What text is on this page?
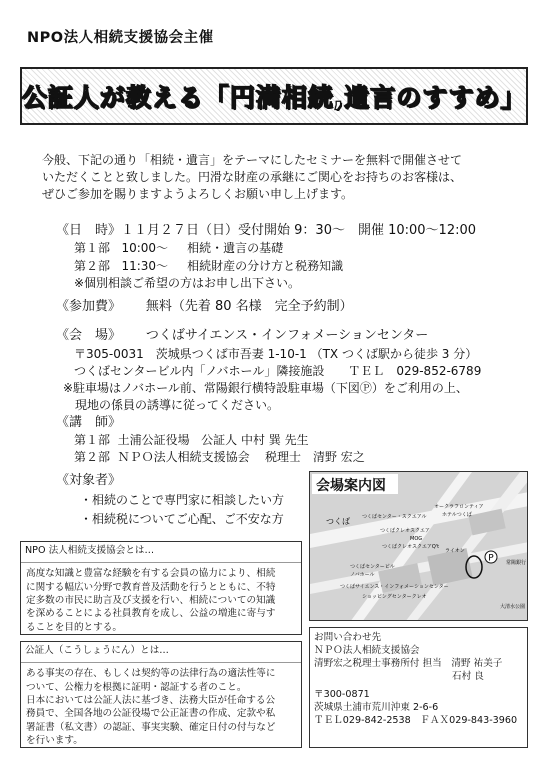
NPO法人相続支援協会主催
公証人が教える「円満相続,遺言のすすめ」
今般、下記の通り「相続・遺言」をテーマにしたセミナーを無料で開催させて
いただくことと致しました。円滑な財産の承継にご関心をお持ちのお客様は、
ぜひご参加を賜りますようよろしくお願い申し上げます。
《日　時》１１月２７日（日）受付開始 9：30～　開催 10:00～12:00
第１部 10:00～ 相続・遺言の基礎
第２部 11:30～ 相続財産の分け方と税務知識
※個別相談ご希望の方はお申し出下さい。
《参加費》 無料（先着 80 名様　完全予約制）
《会　場》 つくばサイエンス・インフォメーションセンター
〒305-0031　茨城県つくば市吾妻 1-10-1 （TX つくば駅から徒歩 3 分）
つくばセンタービル内「ノバホール」隣接施設　　ＴＥＬ　029-852-6789
※駐車場はノバホール前、常陽銀行横特設駐車場（下図Ⓟ）をご利用の上、
現地の係員の誘導に従ってください。
《講　師》
第１部 土浦公証役場 公証人 中村 巽 先生
第２部 ＮＰＯ法人相続支援協会 税理士　清野 宏之
《対象者》
・相続のことで専門家に相談したい方
・相続税についてご心配、ご不安な方
NPO 法人相続支援協会とは…
高度な知識と豊富な経験を有する会員の協力により、相続
に関する幅広い分野で教育普及活動を行うとともに、不特
定多数の市民に助言及び支援を行い、相続についての知識
を深めることによる社員教育を成し、公益の増進に寄与す
ることを目的とする。
公証人（こうしょうにん）とは…
ある事実の存在、もしくは契約等の法律行為の適法性等に
ついて、公権力を根拠に証明・認証する者のこと。
日本においては公証人法に基づき、法務大臣が任命する公
務員で、全国各地の公証役場で公正証書の作成、定款や私
署証書（私文書）の認証、事実実験、確定日付の付与など
を行います。
P
会場案内図
つくば つくばセンター・スクエアル
オークラフロンティア
ホテルつくば
つくばクレオスクエア
MOG
つくばクレオスクエアQ't
ライオン
つくばセンタービル
ノバホール
つくばサイエンス・インフォメーションセンター
ショッピングセンタークレオ
常陽銀行
大清水公園
お問い合わせ先
ＮＰＯ法人相続支援協会
清野宏之税理士事務所付 担当　清野 祐美子
石村 良
〒300-0871
茨城県土浦市荒川沖東 2-6-6
ＴＥＬ029-842-2538　ＦＡＸ029-843-3960
